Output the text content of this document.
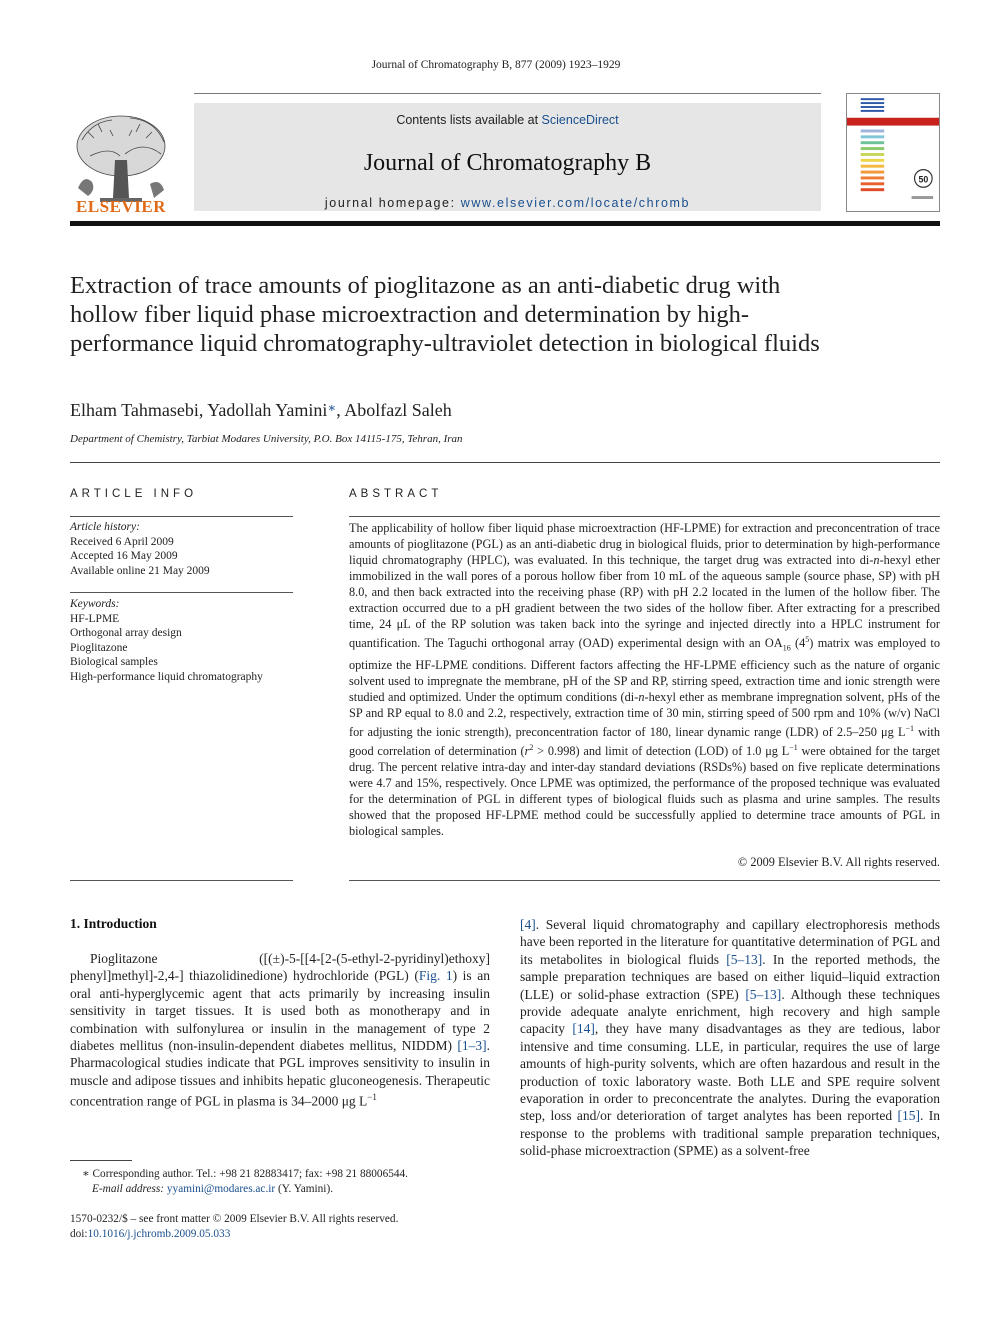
Journal of Chromatography B, 877 (2009) 1923–1929
ELSEVIER
Contents lists available at ScienceDirect
Journal of Chromatography B
journal homepage: www.elsevier.com/locate/chromb
50
Extraction of trace amounts of pioglitazone as an anti-diabetic drug with hollow fiber liquid phase microextraction and determination by high-performance liquid chromatography-ultraviolet detection in biological fluids
Elham Tahmasebi, Yadollah Yamini∗, Abolfazl Saleh
Department of Chemistry, Tarbiat Modares University, P.O. Box 14115-175, Tehran, Iran
ARTICLE INFO
Article history:
Received 6 April 2009
Accepted 16 May 2009
Available online 21 May 2009
Keywords:
HF-LPME
Orthogonal array design
Pioglitazone
Biological samples
High-performance liquid chromatography
ABSTRACT
The applicability of hollow fiber liquid phase microextraction (HF-LPME) for extraction and preconcentration of trace amounts of pioglitazone (PGL) as an anti-diabetic drug in biological fluids, prior to determination by high-performance liquid chromatography (HPLC), was evaluated. In this technique, the target drug was extracted into di-n-hexyl ether immobilized in the wall pores of a porous hollow fiber from 10 mL of the aqueous sample (source phase, SP) with pH 8.0, and then back extracted into the receiving phase (RP) with pH 2.2 located in the lumen of the hollow fiber. The extraction occurred due to a pH gradient between the two sides of the hollow fiber. After extracting for a prescribed time, 24 μL of the RP solution was taken back into the syringe and injected directly into a HPLC instrument for quantification. The Taguchi orthogonal array (OAD) experimental design with an $OA_{16}$ $(4^5)$ matrix was employed to optimize the HF-LPME conditions. Different factors affecting the HF-LPME efficiency such as the nature of organic solvent used to impregnate the membrane, pH of the SP and RP, stirring speed, extraction time and ionic strength were studied and optimized. Under the optimum conditions (di-n-hexyl ether as membrane impregnation solvent, pHs of the SP and RP equal to 8.0 and 2.2, respectively, extraction time of 30 min, stirring speed of 500 rpm and 10% (w/v) NaCl for adjusting the ionic strength), preconcentration factor of 180, linear dynamic range (LDR) of 2.5–250 μg $L^{-1}$ with good correlation of determination $(r^2 > 0.998)$ and limit of detection (LOD) of 1.0 μg $L^{-1}$ were obtained for the target drug. The percent relative intra-day and inter-day standard deviations (RSDs%) based on five replicate determinations were 4.7 and 15%, respectively. Once LPME was optimized, the performance of the proposed technique was evaluated for the determination of PGL in different types of biological fluids such as plasma and urine samples. The results showed that the proposed HF-LPME method could be successfully applied to determine trace amounts of PGL in biological samples.
© 2009 Elsevier B.V. All rights reserved.
1. Introduction
Pioglitazone ([(±)-5-[[4-[2-(5-ethyl-2-pyridinyl)ethoxy] phenyl]methyl]-2,4-] thiazolidinedione) hydrochloride (PGL) (Fig. 1) is an oral anti-hyperglycemic agent that acts primarily by increasing insulin sensitivity in target tissues. It is used both as monotherapy and in combination with sulfonylurea or insulin in the management of type 2 diabetes mellitus (non-insulin-dependent diabetes mellitus, NIDDM) [1–3]. Pharmacological studies indicate that PGL improves sensitivity to insulin in muscle and adipose tissues and inhibits hepatic gluconeogenesis. Therapeutic concentration range of PGL in plasma is 34–2000 μg $L^{-1}$
[4]. Several liquid chromatography and capillary electrophoresis methods have been reported in the literature for quantitative determination of PGL and its metabolites in biological fluids [5–13]. In the reported methods, the sample preparation techniques are based on either liquid–liquid extraction (LLE) or solid-phase extraction (SPE) [5–13]. Although these techniques provide adequate analyte enrichment, high recovery and high sample capacity [14], they have many disadvantages as they are tedious, labor intensive and time consuming. LLE, in particular, requires the use of large amounts of high-purity solvents, which are often hazardous and result in the production of toxic laboratory waste. Both LLE and SPE require solvent evaporation in order to preconcentrate the analytes. During the evaporation step, loss and/or deterioration of target analytes has been reported [15]. In response to the problems with traditional sample preparation techniques, solid-phase microextraction (SPME) as a solvent-free
∗ Corresponding author. Tel.: +98 21 82883417; fax: +98 21 88006544.
E-mail address: yyamini@modares.ac.ir (Y. Yamini).
1570-0232/$ – see front matter © 2009 Elsevier B.V. All rights reserved.
doi:10.1016/j.jchromb.2009.05.033
